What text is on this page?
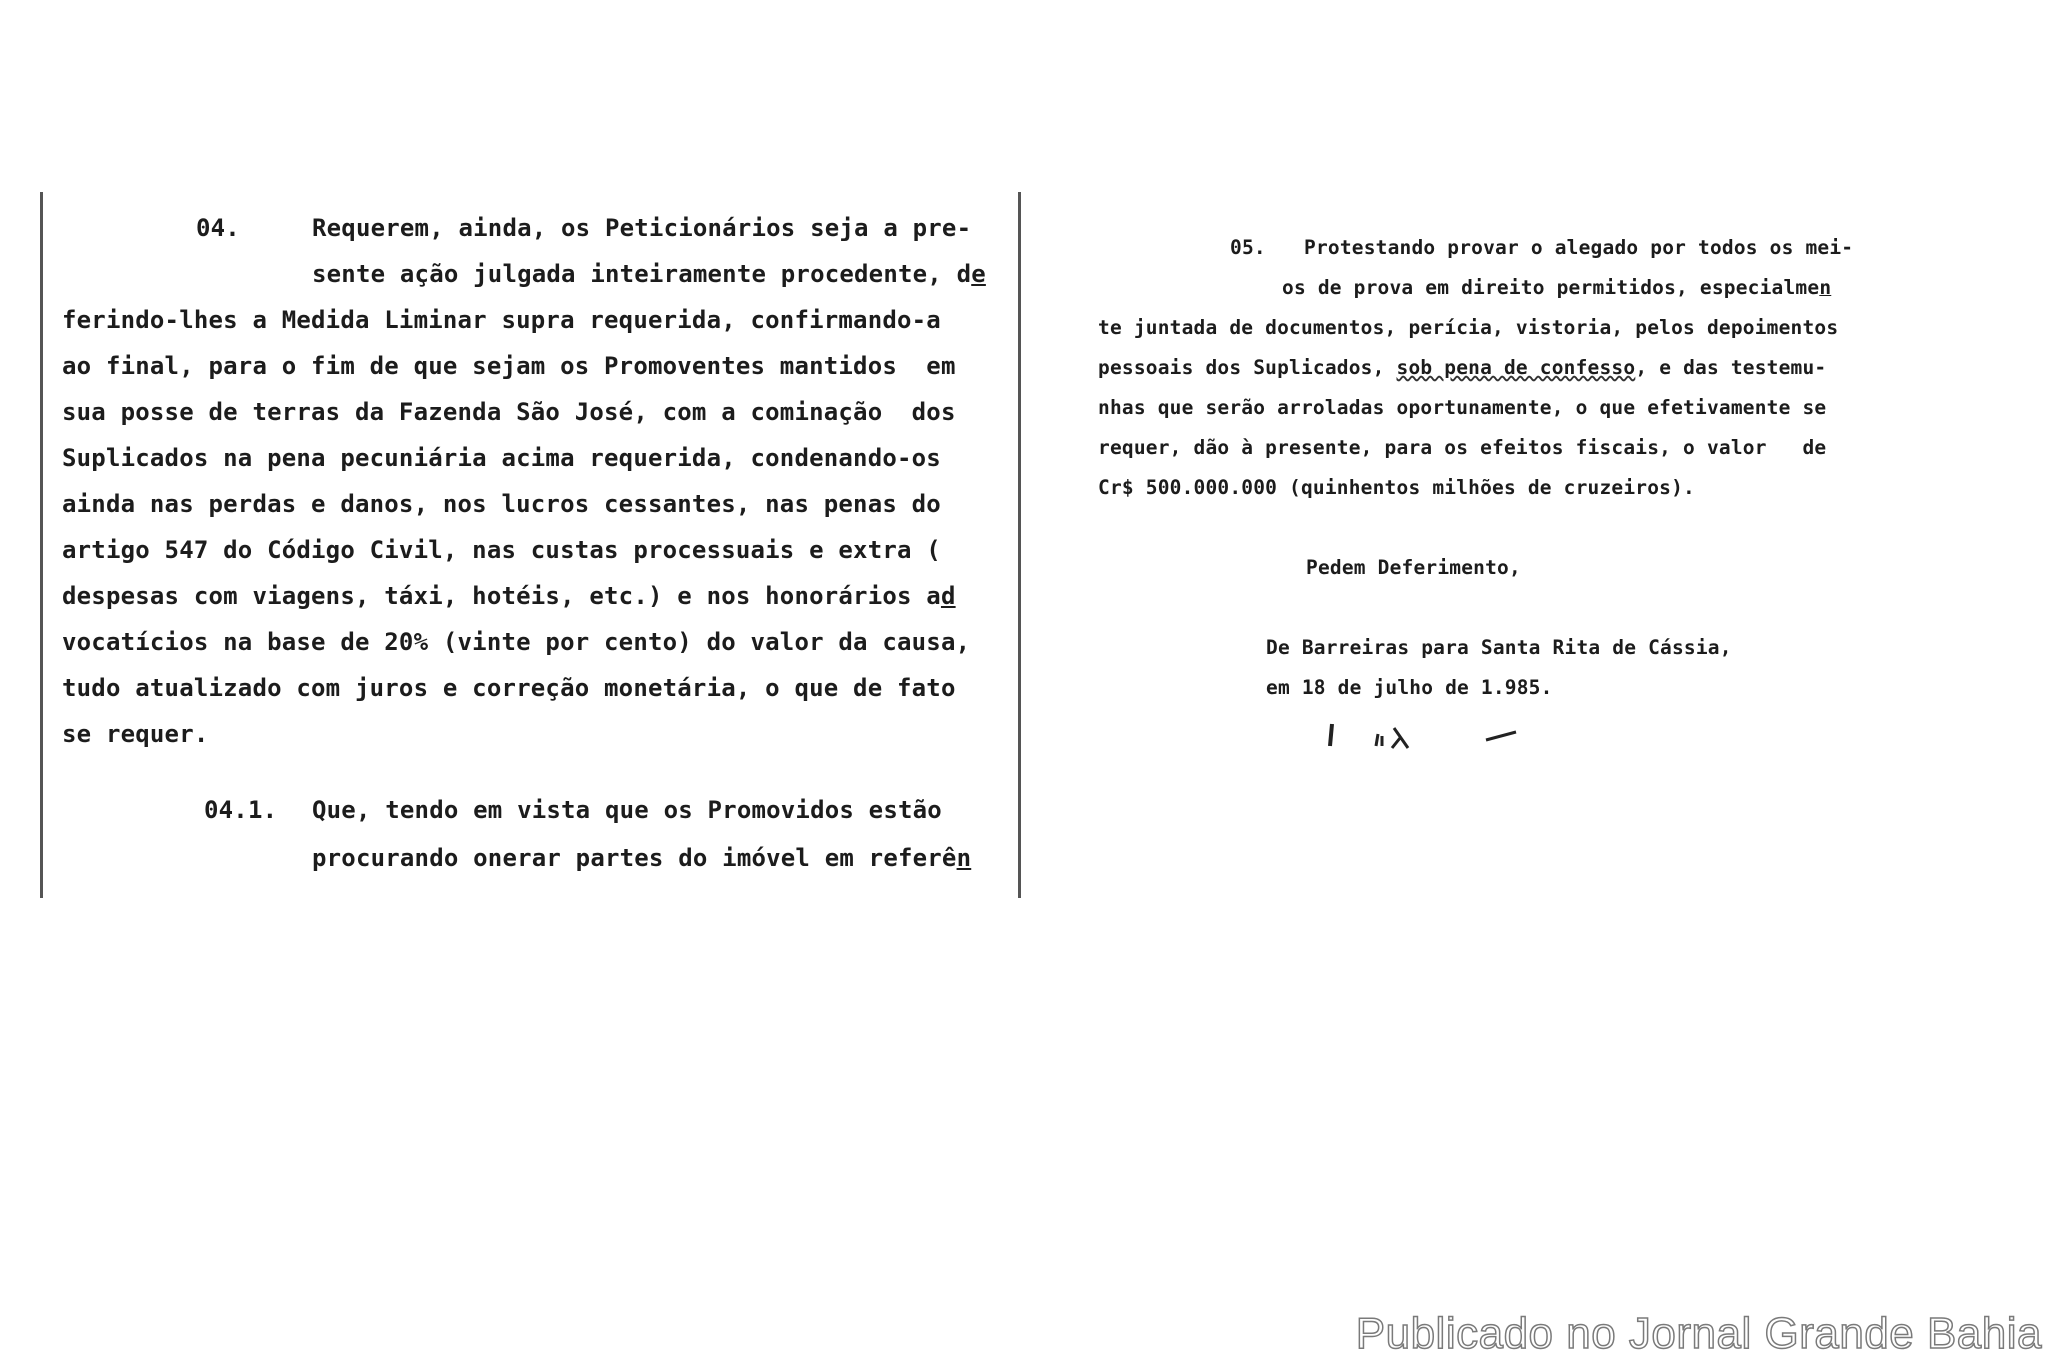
04.	Requerem, ainda, os Peticionários seja a pre-
sente ação julgada inteiramente procedente, de
ferindo-lhes a Medida Liminar supra requerida, confirmando-a
ao final, para o fim de que sejam os Promoventes mantidos  em
sua posse de terras da Fazenda São José, com a cominação  dos
Suplicados na pena pecuniária acima requerida, condenando-os
ainda nas perdas e danos, nos lucros cessantes, nas penas do
artigo 547 do Código Civil, nas custas processuais e extra (
despesas com viagens, táxi, hotéis, etc.) e nos honorários ad
vocatícios na base de 20% (vinte por cento) do valor da causa,
tudo atualizado com juros e correção monetária, o que de fato
se requer.
04.1. Que, tendo em vista que os Promovidos estão
procurando onerar partes do imóvel em referên
05. Protestando provar o alegado por todos os mei-
os de prova em direito permitidos, especialmen
te juntada de documentos, perícia, vistoria, pelos depoimentos
pessoais dos Suplicados, sob pena de confesso, e das testemu-
nhas que serão arroladas oportunamente, o que efetivamente se
requer, dão à presente, para os efeitos fiscais, o valor   de
Cr$ 500.000.000 (quinhentos milhões de cruzeiros).
Pedem Deferimento,
De Barreiras para Santa Rita de Cássia,
em 18 de julho de 1.985.
Publicado no Jornal Grande Bahia
